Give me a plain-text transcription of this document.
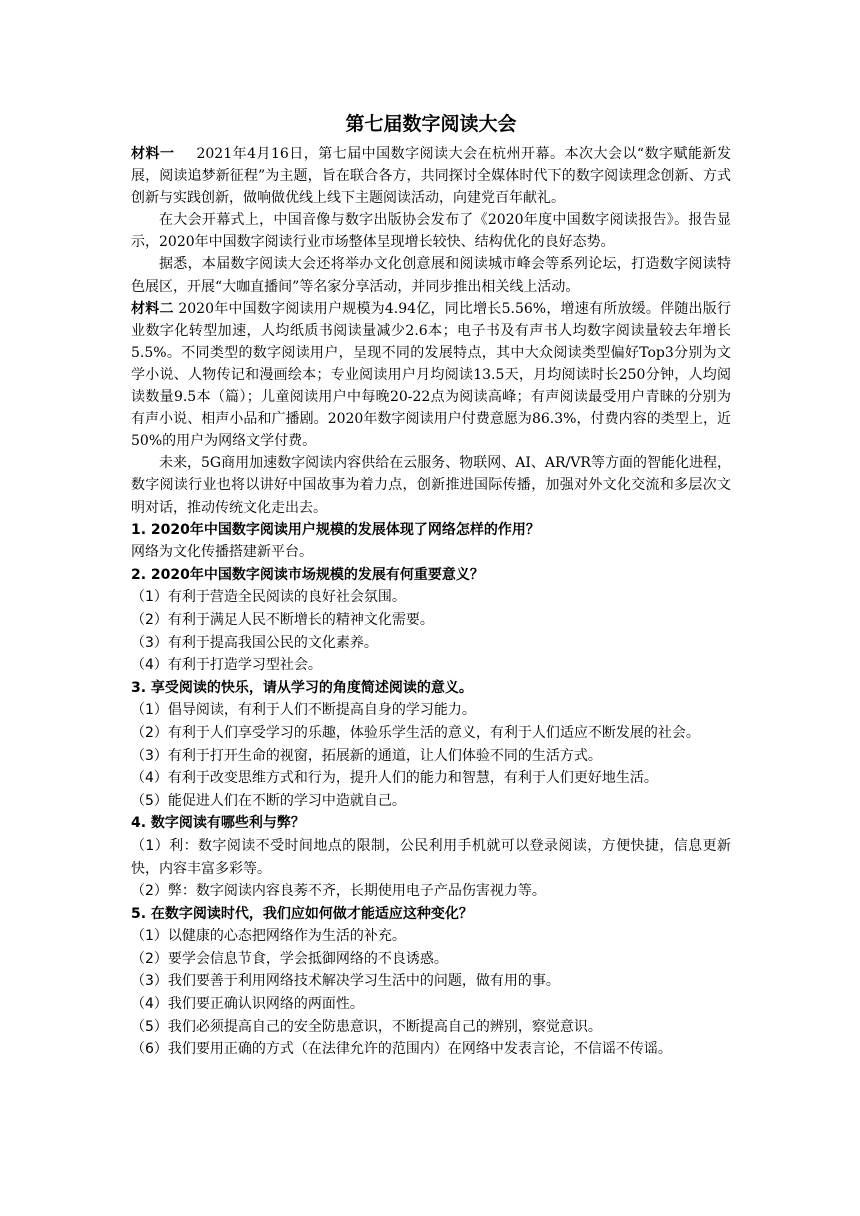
第七届数字阅读大会

材料一 2021年4月16日，第七届中国数字阅读大会在杭州开幕。本次大会以“数字赋能新发展，阅读追梦新征程”为主题，旨在联合各方，共同探讨全媒体时代下的数字阅读理念创新、方式创新与实践创新，做响做优线上线下主题阅读活动，向建党百年献礼。

在大会开幕式上，中国音像与数字出版协会发布了《2020年度中国数字阅读报告》。报告显示，2020年中国数字阅读行业市场整体呈现增长较快、结构优化的良好态势。

据悉，本届数字阅读大会还将举办文化创意展和阅读城市峰会等系列论坛，打造数字阅读特色展区，开展“大咖直播间”等名家分享活动，并同步推出相关线上活动。

材料二 2020年中国数字阅读用户规模为4.94亿，同比增长5.56%，增速有所放缓。伴随出版行业数字化转型加速，人均纸质书阅读量减少2.6本；电子书及有声书人均数字阅读量较去年增长5.5%。不同类型的数字阅读用户，呈现不同的发展特点，其中大众阅读类型偏好Top3分别为文学小说、人物传记和漫画绘本；专业阅读用户月均阅读13.5天，月均阅读时长250分钟，人均阅读数量9.5本（篇）；儿童阅读用户中每晚20-22点为阅读高峰；有声阅读最受用户青睐的分别为有声小说、相声小品和广播剧。2020年数字阅读用户付费意愿为86.3%，付费内容的类型上，近50%的用户为网络文学付费。

未来，5G商用加速数字阅读内容供给在云服务、物联网、AI、AR/VR等方面的智能化进程，数字阅读行业也将以讲好中国故事为着力点，创新推进国际传播，加强对外文化交流和多层次文明对话，推动传统文化走出去。

1. 2020年中国数字阅读用户规模的发展体现了网络怎样的作用？

网络为文化传播搭建新平台。

2. 2020年中国数字阅读市场规模的发展有何重要意义？

（1）有利于营造全民阅读的良好社会氛围。

（2）有利于满足人民不断增长的精神文化需要。

（3）有利于提高我国公民的文化素养。

（4）有利于打造学习型社会。

3. 享受阅读的快乐，请从学习的角度简述阅读的意义。

（1）倡导阅读，有利于人们不断提高自身的学习能力。

（2）有利于人们享受学习的乐趣，体验乐学生活的意义，有利于人们适应不断发展的社会。

（3）有利于打开生命的视窗，拓展新的通道，让人们体验不同的生活方式。

（4）有利于改变思维方式和行为，提升人们的能力和智慧，有利于人们更好地生活。

（5）能促进人们在不断的学习中造就自己。

4. 数字阅读有哪些利与弊？

（1）利：数字阅读不受时间地点的限制，公民利用手机就可以登录阅读，方便快捷，信息更新快，内容丰富多彩等。

（2）弊：数字阅读内容良莠不齐，长期使用电子产品伤害视力等。

5. 在数字阅读时代，我们应如何做才能适应这种变化？

（1）以健康的心态把网络作为生活的补充。

（2）要学会信息节食，学会抵御网络的不良诱惑。

（3）我们要善于利用网络技术解决学习生活中的问题，做有用的事。

（4）我们要正确认识网络的两面性。

（5）我们必须提高自己的安全防患意识，不断提高自己的辨别，察觉意识。

（6）我们要用正确的方式（在法律允许的范围内）在网络中发表言论，不信谣不传谣。
